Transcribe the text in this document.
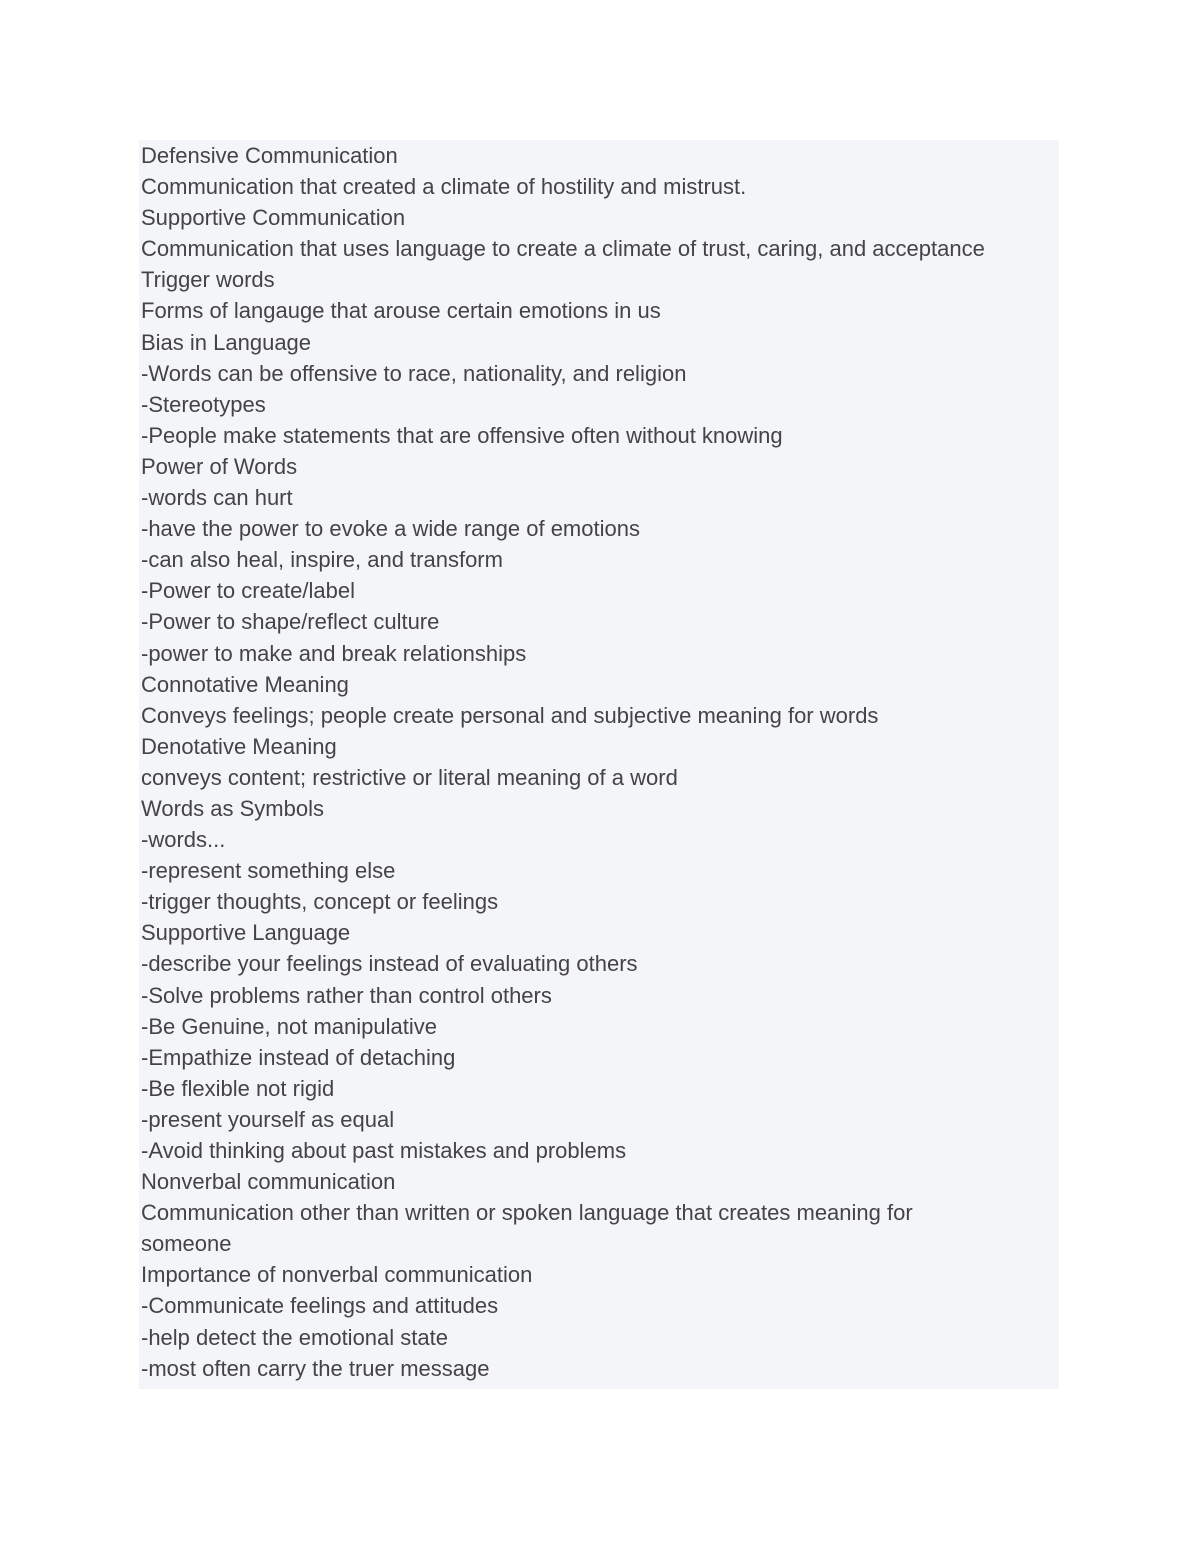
Defensive Communication
Communication that created a climate of hostility and mistrust.
Supportive Communication
Communication that uses language to create a climate of trust, caring, and acceptance
Trigger words
Forms of langauge that arouse certain emotions in us
Bias in Language
-Words can be offensive to race, nationality, and religion
-Stereotypes
-People make statements that are offensive often without knowing
Power of Words
-words can hurt
-have the power to evoke a wide range of emotions
-can also heal, inspire, and transform
-Power to create/label
-Power to shape/reflect culture
-power to make and break relationships
Connotative Meaning
Conveys feelings; people create personal and subjective meaning for words
Denotative Meaning
conveys content; restrictive or literal meaning of a word
Words as Symbols
-words...
-represent something else
-trigger thoughts, concept or feelings
Supportive Language
-describe your feelings instead of evaluating others
-Solve problems rather than control others
-Be Genuine, not manipulative
-Empathize instead of detaching
-Be flexible not rigid
-present yourself as equal
-Avoid thinking about past mistakes and problems
Nonverbal communication
Communication other than written or spoken language that creates meaning for
someone
Importance of nonverbal communication
-Communicate feelings and attitudes
-help detect the emotional state
-most often carry the truer message
